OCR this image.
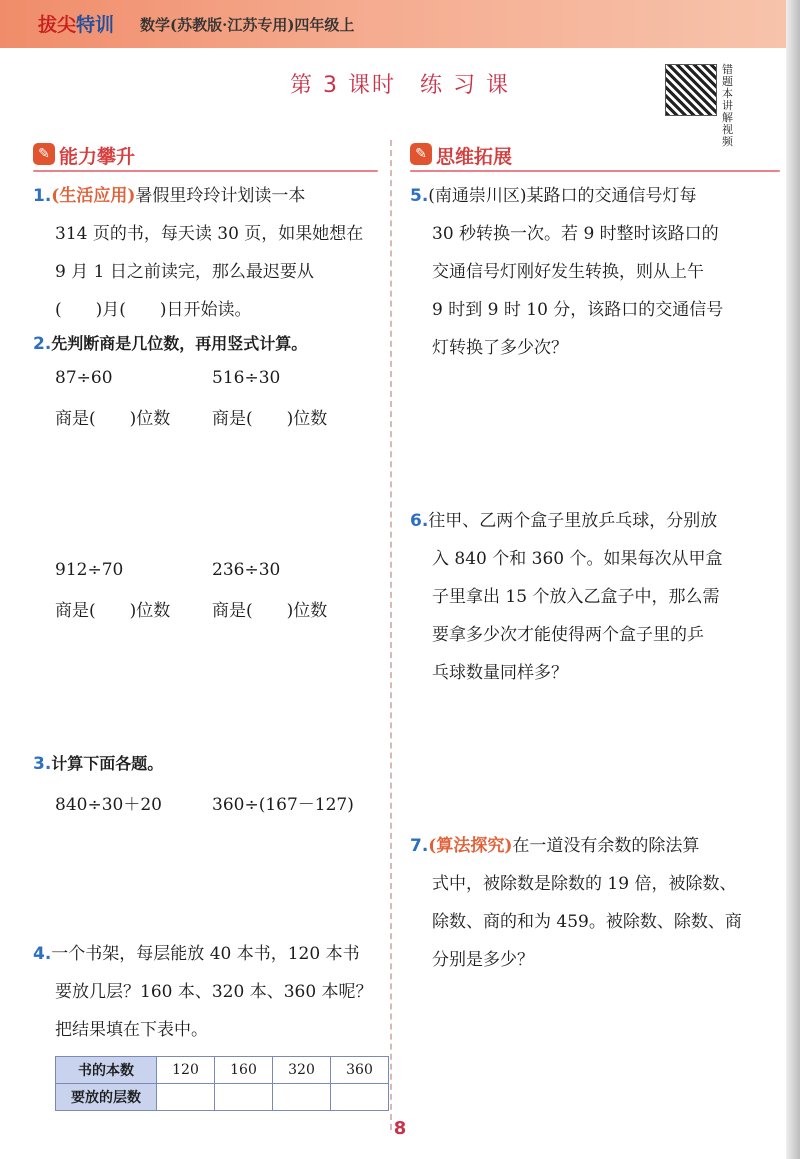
拔尖特训 数学(苏教版·江苏专用)四年级上
第 3 课时　练 习 课
错题本讲解视频
✎ 能力攀升	✎ 思维拓展
1.(生活应用)暑假里玲玲计划读一本
314 页的书，每天读 30 页，如果她想在
9 月 1 日之前读完，那么最迟要从
(　　)月(　　)日开始读。
2.先判断商是几位数，再用竖式计算。
87÷60	516÷30
商是(　　)位数 商是(　　)位数
912÷70	236÷30
商是(　　)位数 商是(　　)位数
3.计算下面各题。
840÷30＋20	360÷(167－127)
4.一个书架，每层能放 40 本书，120 本书
要放几层？160 本、320 本、360 本呢？
把结果填在下表中。
书的本数	120	160	320	360
要放的层数				
5.(南通崇川区)某路口的交通信号灯每
30 秒转换一次。若 9 时整时该路口的
交通信号灯刚好发生转换，则从上午
9 时到 9 时 10 分，该路口的交通信号
灯转换了多少次？
6.往甲、乙两个盒子里放乒乓球，分别放
入 840 个和 360 个。如果每次从甲盒
子里拿出 15 个放入乙盒子中，那么需
要拿多少次才能使得两个盒子里的乒
乓球数量同样多？
7.(算法探究)在一道没有余数的除法算
式中，被除数是除数的 19 倍，被除数、
除数、商的和为 459。被除数、除数、商
分别是多少？
8
